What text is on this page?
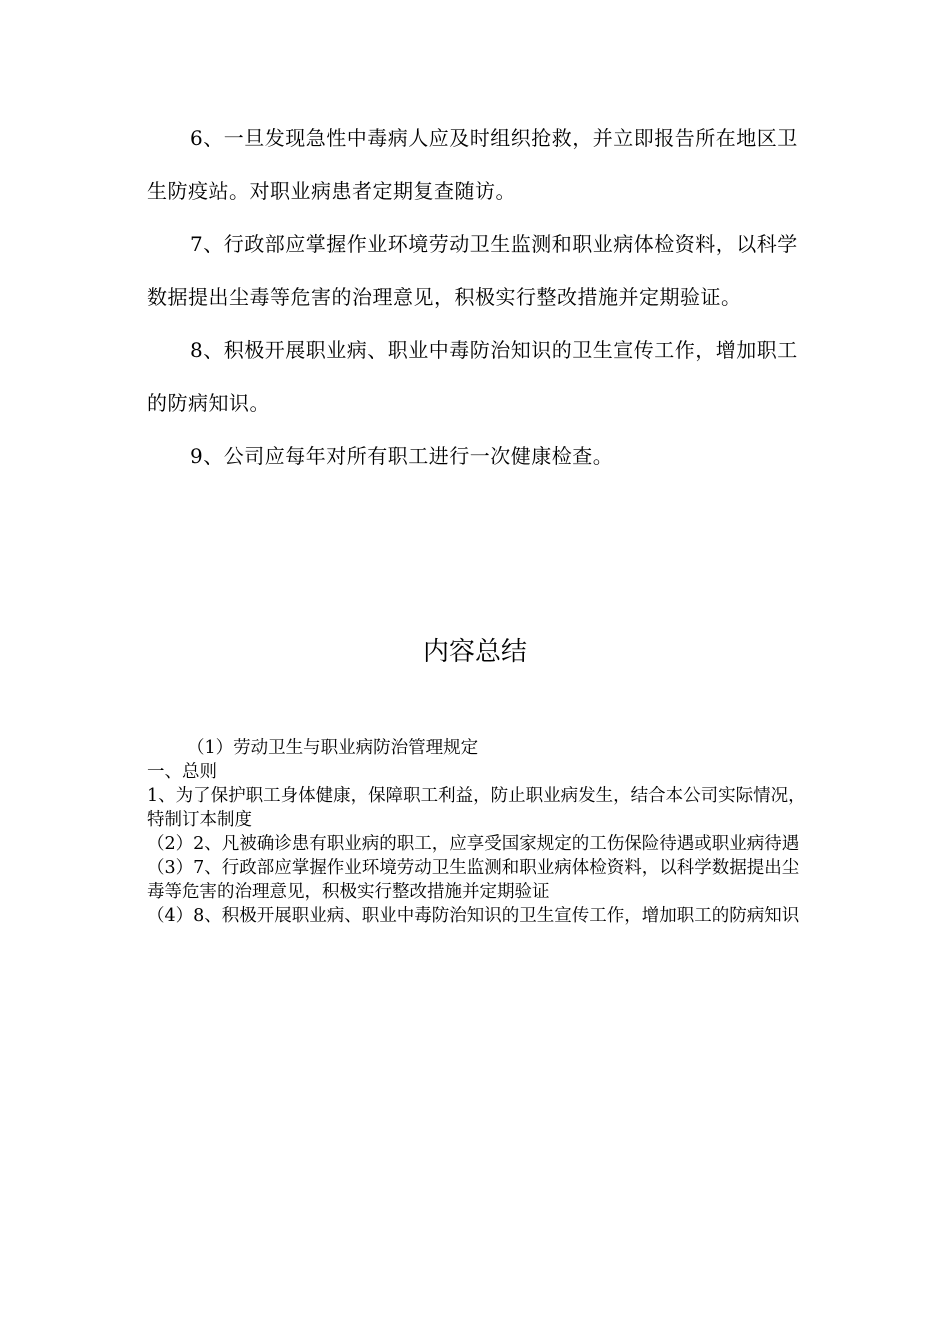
6、一旦发现急性中毒病人应及时组织抢救，并立即报告所在地区卫生防疫站。对职业病患者定期复查随访。

7、行政部应掌握作业环境劳动卫生监测和职业病体检资料，以科学数据提出尘毒等危害的治理意见，积极实行整改措施并定期验证。

8、积极开展职业病、职业中毒防治知识的卫生宣传工作，增加职工的防病知识。

9、公司应每年对所有职工进行一次健康检查。

内容总结

（1）劳动卫生与职业病防治管理规定

一、总则

1、为了保护职工身体健康，保障职工利益，防止职业病发生，结合本公司实际情况，特制订本制度

（2）2、凡被确诊患有职业病的职工，应享受国家规定的工伤保险待遇或职业病待遇

（3）7、行政部应掌握作业环境劳动卫生监测和职业病体检资料，以科学数据提出尘毒等危害的治理意见，积极实行整改措施并定期验证

（4）8、积极开展职业病、职业中毒防治知识的卫生宣传工作，增加职工的防病知识
